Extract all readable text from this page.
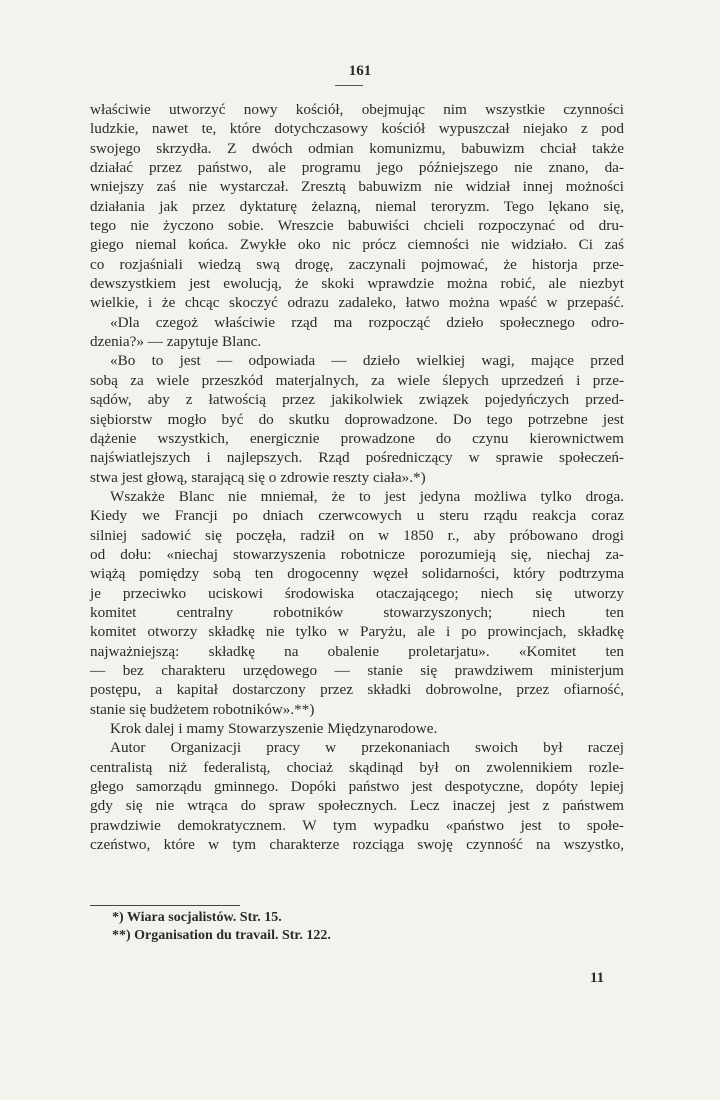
161
właściwie utworzyć nowy kościół, obejmując nim wszystkie czynności
ludzkie, nawet te, które dotychczasowy kościół wypuszczał niejako z pod
swojego skrzydła. Z dwóch odmian komunizmu, babuwizm chciał także
działać przez państwo, ale programu jego późniejszego nie znano, da-
wniejszy zaś nie wystarczał. Zresztą babuwizm nie widział innej możności
działania jak przez dyktaturę żelazną, niemal teroryzm. Tego lękano się,
tego nie życzono sobie. Wreszcie babuwiści chcieli rozpoczynać od dru-
giego niemal końca. Zwykłe oko nic prócz ciemności nie widziało. Ci zaś
co rozjaśniali wiedzą swą drogę, zaczynali pojmować, że historja prze-
dewszystkiem jest ewolucją, że skoki wprawdzie można robić, ale niezbyt
wielkie, i że chcąc skoczyć odrazu zadaleko, łatwo można wpaść w przepaść.
«Dla czegoż właściwie rząd ma rozpocząć dzieło społecznego odro-
dzenia?» — zapytuje Blanc.
«Bo to jest — odpowiada — dzieło wielkiej wagi, mające przed
sobą za wiele przeszkód materjalnych, za wiele ślepych uprzedzeń i prze-
sądów, aby z łatwością przez jakikolwiek związek pojedyńczych przed-
siębiorstw mogło być do skutku doprowadzone. Do tego potrzebne jest
dążenie wszystkich, energicznie prowadzone do czynu kierownictwem
najświatlejszych i najlepszych. Rząd pośredniczący w sprawie społeczeń-
stwa jest głową, starającą się o zdrowie reszty ciała».*)
Wszakże Blanc nie mniemał, że to jest jedyna możliwa tylko droga.
Kiedy we Francji po dniach czerwcowych u steru rządu reakcja coraz
silniej sadowić się poczęła, radził on w 1850 r., aby próbowano drogi
od dołu: «niechaj stowarzyszenia robotnicze porozumieją się, niechaj za-
wiążą pomiędzy sobą ten drogocenny węzeł solidarności, który podtrzyma
je przeciwko uciskowi środowiska otaczającego; niech się utworzy
komitet centralny robotników stowarzyszonych; niech ten
komitet otworzy składkę nie tylko w Paryżu, ale i po prowincjach, składkę
najważniejszą: składkę na obalenie proletarjatu». «Komitet ten
— bez charakteru urzędowego — stanie się prawdziwem ministerjum
postępu, a kapitał dostarczony przez składki dobrowolne, przez ofiarność,
stanie się budżetem robotników».**)
Krok dalej i mamy Stowarzyszenie Międzynarodowe.
Autor Organizacji pracy w przekonaniach swoich był raczej
centralistą niż federalistą, chociaż skądinąd był on zwolennikiem rozle-
głego samorządu gminnego. Dopóki państwo jest despotyczne, dopóty lepiej
gdy się nie wtrąca do spraw społecznych. Lecz inaczej jest z państwem
prawdziwie demokratycznem. W tym wypadku «państwo jest to społe-
czeństwo, które w tym charakterze rozciąga swoję czynność na wszystko,
*) Wiara socjalistów. Str. 15.
**) Organisation du travail. Str. 122.
11
